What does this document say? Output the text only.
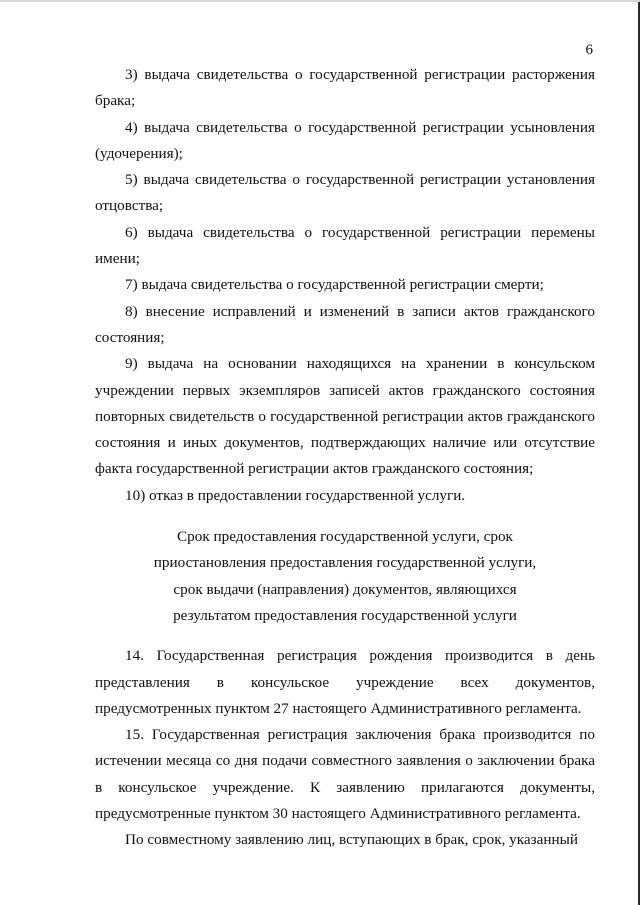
6

3) выдача свидетельства о государственной регистрации расторжения брака;

4) выдача свидетельства о государственной регистрации усыновления (удочерения);

5) выдача свидетельства о государственной регистрации установления отцовства;

6) выдача свидетельства о государственной регистрации перемены имени;

7) выдача свидетельства о государственной регистрации смерти;

8) внесение исправлений и изменений в записи актов гражданского состояния;

9) выдача на основании находящихся на хранении в консульском учреждении первых экземпляров записей актов гражданского состояния повторных свидетельств о государственной регистрации актов гражданского состояния и иных документов, подтверждающих наличие или отсутствие факта государственной регистрации актов гражданского состояния;

10) отказ в предоставлении государственной услуги.

Срок предоставления государственной услуги, срок
приостановления предоставления государственной услуги,
срок выдачи (направления) документов, являющихся
результатом предоставления государственной услуги

14. Государственная регистрация рождения производится в день представления в консульское учреждение всех документов, предусмотренных пунктом 27 настоящего Административного регламента.

15. Государственная регистрация заключения брака производится по истечении месяца со дня подачи совместного заявления о заключении брака в консульское учреждение. К заявлению прилагаются документы, предусмотренные пунктом 30 настоящего Административного регламента.

По совместному заявлению лиц, вступающих в брак, срок, указанный
